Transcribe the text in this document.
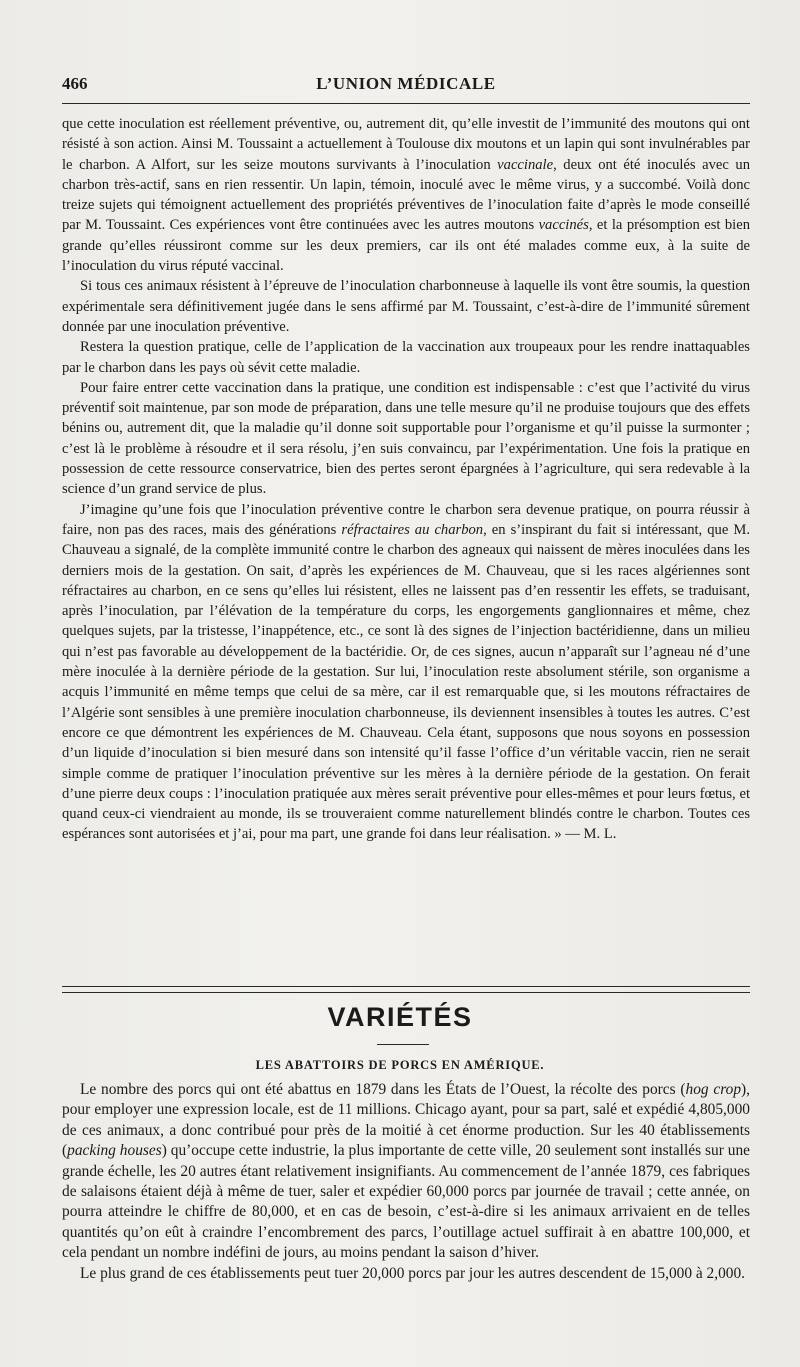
466	L’UNION MÉDICALE

que cette inoculation est réellement préventive, ou, autrement dit, qu’elle investit de l’immunité des moutons qui ont résisté à son action. Ainsi M. Toussaint a actuellement à Toulouse dix moutons et un lapin qui sont invulnérables par le charbon. A Alfort, sur les seize moutons survivants à l’inoculation vaccinale, deux ont été inoculés avec un charbon très-actif, sans en rien ressentir. Un lapin, témoin, inoculé avec le même virus, y a succombé. Voilà donc treize sujets qui témoignent actuellement des propriétés préventives de l’inoculation faite d’après le mode conseillé par M. Toussaint. Ces expériences vont être continuées avec les autres moutons vaccinés, et la présomption est bien grande qu’elles réussiront comme sur les deux premiers, car ils ont été malades comme eux, à la suite de l’inoculation du virus réputé vaccinal.

Si tous ces animaux résistent à l’épreuve de l’inoculation charbonneuse à laquelle ils vont être soumis, la question expérimentale sera définitivement jugée dans le sens affirmé par M. Toussaint, c’est-à-dire de l’immunité sûrement donnée par une inoculation préventive.

Restera la question pratique, celle de l’application de la vaccination aux troupeaux pour les rendre inattaquables par le charbon dans les pays où sévit cette maladie.

Pour faire entrer cette vaccination dans la pratique, une condition est indispensable : c’est que l’activité du virus préventif soit maintenue, par son mode de préparation, dans une telle mesure qu’il ne produise toujours que des effets bénins ou, autrement dit, que la maladie qu’il donne soit supportable pour l’organisme et qu’il puisse la surmonter ; c’est là le problème à résoudre et il sera résolu, j’en suis convaincu, par l’expérimentation. Une fois la pratique en possession de cette ressource conservatrice, bien des pertes seront épargnées à l’agriculture, qui sera redevable à la science d’un grand service de plus.

J’imagine qu’une fois que l’inoculation préventive contre le charbon sera devenue pratique, on pourra réussir à faire, non pas des races, mais des générations réfractaires au charbon, en s’inspirant du fait si intéressant, que M. Chauveau a signalé, de la complète immunité contre le charbon des agneaux qui naissent de mères inoculées dans les derniers mois de la gestation. On sait, d’après les expériences de M. Chauveau, que si les races algériennes sont réfractaires au charbon, en ce sens qu’elles lui résistent, elles ne laissent pas d’en ressentir les effets, se traduisant, après l’inoculation, par l’élévation de la température du corps, les engorgements ganglionnaires et même, chez quelques sujets, par la tristesse, l’inappétence, etc., ce sont là des signes de l’injection bactéridienne, dans un milieu qui n’est pas favorable au développement de la bactéridie. Or, de ces signes, aucun n’apparaît sur l’agneau né d’une mère inoculée à la dernière période de la gestation. Sur lui, l’inoculation reste absolument stérile, son organisme a acquis l’immunité en même temps que celui de sa mère, car il est remarquable que, si les moutons réfractaires de l’Algérie sont sensibles à une première inoculation charbonneuse, ils deviennent insensibles à toutes les autres. C’est encore ce que démontrent les expériences de M. Chauveau. Cela étant, supposons que nous soyons en possession d’un liquide d’inoculation si bien mesuré dans son intensité qu’il fasse l’office d’un véritable vaccin, rien ne serait simple comme de pratiquer l’inoculation préventive sur les mères à la dernière période de la gestation. On ferait d’une pierre deux coups : l’inoculation pratiquée aux mères serait préventive pour elles-mêmes et pour leurs fœtus, et quand ceux-ci viendraient au monde, ils se trouveraient comme naturellement blindés contre le charbon. Toutes ces espérances sont autorisées et j’ai, pour ma part, une grande foi dans leur réalisation. » — M. L.

VARIÉTÉS
LES ABATTOIRS DE PORCS EN AMÉRIQUE.

Le nombre des porcs qui ont été abattus en 1879 dans les États de l’Ouest, la récolte des porcs (hog crop), pour employer une expression locale, est de 11 millions. Chicago ayant, pour sa part, salé et expédié 4,805,000 de ces animaux, a donc contribué pour près de la moitié à cet énorme production. Sur les 40 établissements (packing houses) qu’occupe cette industrie, la plus importante de cette ville, 20 seulement sont installés sur une grande échelle, les 20 autres étant relativement insignifiants. Au commencement de l’année 1879, ces fabriques de salaisons étaient déjà à même de tuer, saler et expédier 60,000 porcs par journée de travail ; cette année, on pourra atteindre le chiffre de 80,000, et en cas de besoin, c’est-à-dire si les animaux arrivaient en de telles quantités qu’on eût à craindre l’encombrement des parcs, l’outillage actuel suffirait à en abattre 100,000, et cela pendant un nombre indéfini de jours, au moins pendant la saison d’hiver.

Le plus grand de ces établissements peut tuer 20,000 porcs par jour les autres descendent de 15,000 à 2,000.
